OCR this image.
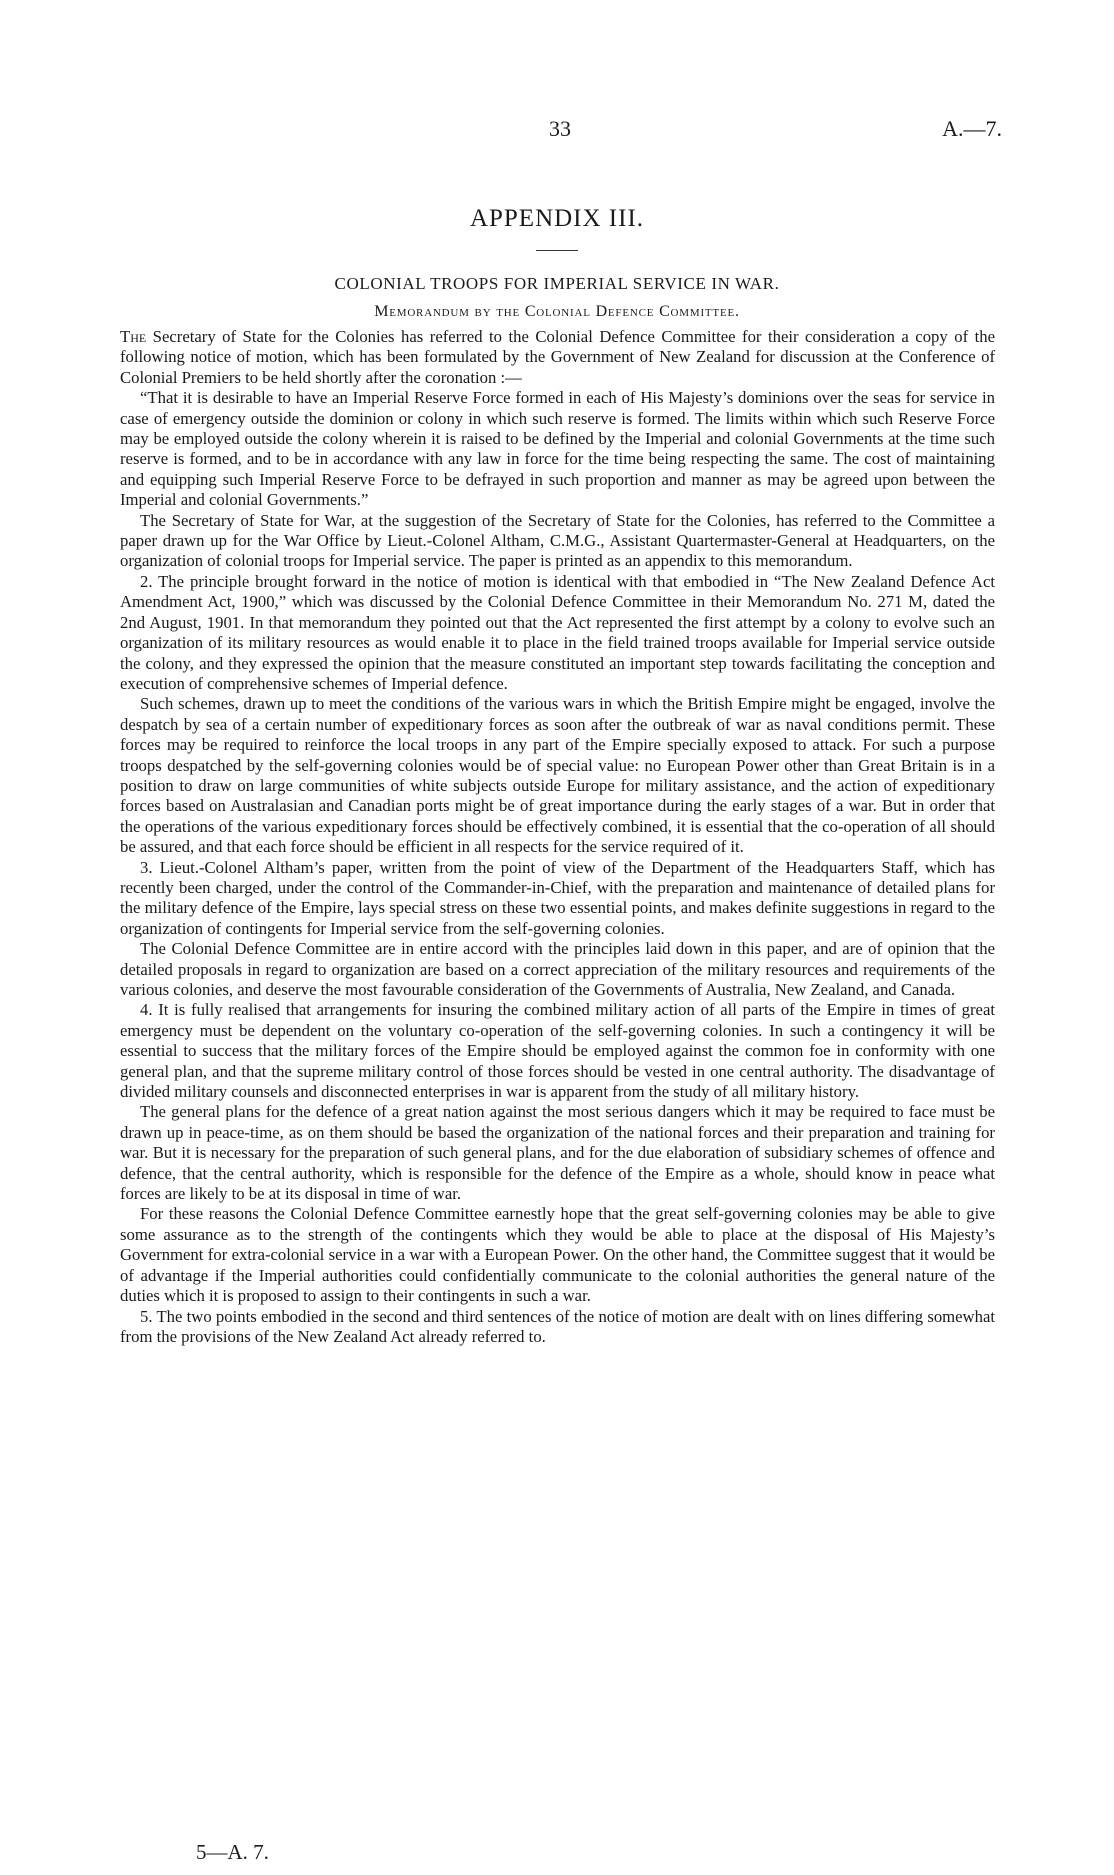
33	A.—7.
APPENDIX III.
COLONIAL TROOPS FOR IMPERIAL SERVICE IN WAR.
Memorandum by the Colonial Defence Committee.

The Secretary of State for the Colonies has referred to the Colonial Defence Committee for their consideration a copy of the following notice of motion, which has been formulated by the Government of New Zealand for discussion at the Conference of Colonial Premiers to be held shortly after the coronation :—

“That it is desirable to have an Imperial Reserve Force formed in each of His Majesty’s dominions over the seas for service in case of emergency outside the dominion or colony in which such reserve is formed. The limits within which such Reserve Force may be employed outside the colony wherein it is raised to be defined by the Imperial and colonial Governments at the time such reserve is formed, and to be in accordance with any law in force for the time being respecting the same. The cost of maintaining and equipping such Imperial Reserve Force to be defrayed in such proportion and manner as may be agreed upon between the Imperial and colonial Governments.”

The Secretary of State for War, at the suggestion of the Secretary of State for the Colonies, has referred to the Committee a paper drawn up for the War Office by Lieut.-Colonel Altham, C.M.G., Assistant Quartermaster-General at Headquarters, on the organization of colonial troops for Imperial service. The paper is printed as an appendix to this memorandum.

2. The principle brought forward in the notice of motion is identical with that embodied in “The New Zealand Defence Act Amendment Act, 1900,” which was discussed by the Colonial Defence Committee in their Memorandum No. 271 M, dated the 2nd August, 1901. In that memorandum they pointed out that the Act represented the first attempt by a colony to evolve such an organization of its military resources as would enable it to place in the field trained troops available for Imperial service outside the colony, and they expressed the opinion that the measure constituted an important step towards facilitating the conception and execution of comprehensive schemes of Imperial defence.

Such schemes, drawn up to meet the conditions of the various wars in which the British Empire might be engaged, involve the despatch by sea of a certain number of expeditionary forces as soon after the outbreak of war as naval conditions permit. These forces may be required to reinforce the local troops in any part of the Empire specially exposed to attack. For such a purpose troops despatched by the self-governing colonies would be of special value: no European Power other than Great Britain is in a position to draw on large communities of white subjects outside Europe for military assistance, and the action of expeditionary forces based on Australasian and Canadian ports might be of great importance during the early stages of a war. But in order that the operations of the various expeditionary forces should be effectively combined, it is essential that the co-operation of all should be assured, and that each force should be efficient in all respects for the service required of it.

3. Lieut.-Colonel Altham’s paper, written from the point of view of the Department of the Headquarters Staff, which has recently been charged, under the control of the Commander-in-Chief, with the preparation and maintenance of detailed plans for the military defence of the Empire, lays special stress on these two essential points, and makes definite suggestions in regard to the organization of contingents for Imperial service from the self-governing colonies.

The Colonial Defence Committee are in entire accord with the principles laid down in this paper, and are of opinion that the detailed proposals in regard to organization are based on a correct appreciation of the military resources and requirements of the various colonies, and deserve the most favourable consideration of the Governments of Australia, New Zealand, and Canada.

4. It is fully realised that arrangements for insuring the combined military action of all parts of the Empire in times of great emergency must be dependent on the voluntary co-operation of the self-governing colonies. In such a contingency it will be essential to success that the military forces of the Empire should be employed against the common foe in conformity with one general plan, and that the supreme military control of those forces should be vested in one central authority. The disadvantage of divided military counsels and disconnected enterprises in war is apparent from the study of all military history.

The general plans for the defence of a great nation against the most serious dangers which it may be required to face must be drawn up in peace-time, as on them should be based the organization of the national forces and their preparation and training for war. But it is necessary for the preparation of such general plans, and for the due elaboration of subsidiary schemes of offence and defence, that the central authority, which is responsible for the defence of the Empire as a whole, should know in peace what forces are likely to be at its disposal in time of war.

For these reasons the Colonial Defence Committee earnestly hope that the great self-governing colonies may be able to give some assurance as to the strength of the contingents which they would be able to place at the disposal of His Majesty’s Government for extra-colonial service in a war with a European Power. On the other hand, the Committee suggest that it would be of advantage if the Imperial authorities could confidentially communicate to the colonial authorities the general nature of the duties which it is proposed to assign to their contingents in such a war.

5. The two points embodied in the second and third sentences of the notice of motion are dealt with on lines differing somewhat from the provisions of the New Zealand Act already referred to.

5—A. 7.
